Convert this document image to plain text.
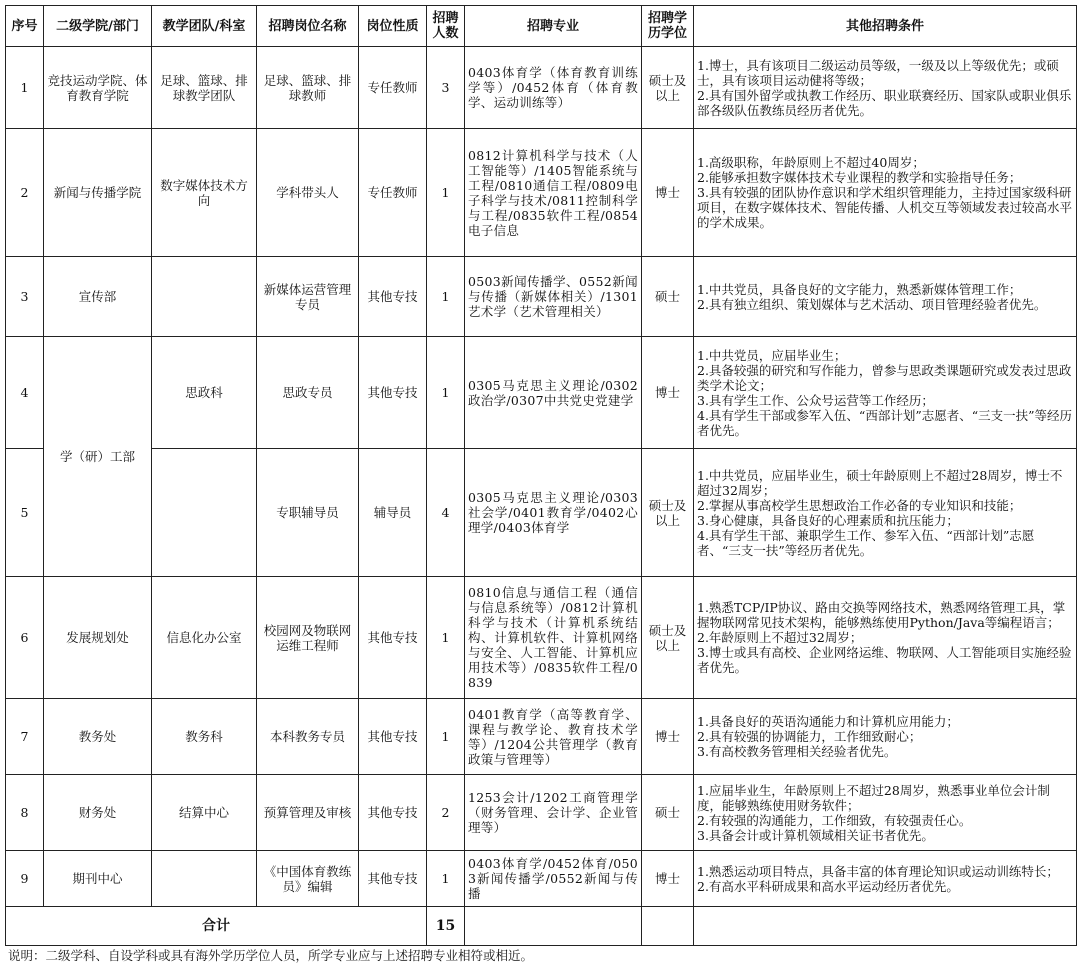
序号	二级学院/部门	教学团队/科室	招聘岗位名称	岗位性质	招聘人数	招聘专业	招聘学历学位	其他招聘条件
1	竞技运动学院、体育教育学院	足球、篮球、排球教学团队	足球、篮球、排球教师	专任教师	3	0403体育学（体育教育训练学等）/0452体育（体育教学、运动训练等）	硕士及以上	1.博士，具有该项目二级运动员等级，一级及以上等级优先；或硕士，具有该项目运动健将等级；
2.具有国外留学或执教工作经历、职业联赛经历、国家队或职业俱乐部各级队伍教练员经历者优先。

2	新闻与传播学院	数字媒体技术方向	学科带头人	专任教师	1	0812计算机科学与技术（人工智能等）/1405智能系统与工程/0810通信工程/0809电子科学与技术/0811控制科学与工程/0835软件工程/0854电子信息	博士	1.高级职称，年龄原则上不超过40周岁；
2.能够承担数字媒体技术专业课程的教学和实验指导任务；
3.具有较强的团队协作意识和学术组织管理能力，主持过国家级科研项目，在数字媒体技术、智能传播、人机交互等领域发表过较高水平的学术成果。

3	宣传部		新媒体运营管理专员	其他专技	1	0503新闻传播学、0552新闻与传播（新媒体相关）/1301艺术学（艺术管理相关）	硕士	1.中共党员，具备良好的文字能力，熟悉新媒体管理工作；
2.具有独立组织、策划媒体与艺术活动、项目管理经验者优先。

4	学（研）工部	思政科	思政专员	其他专技	1	0305马克思主义理论/0302政治学/0307中共党史党建学	博士	1.中共党员，应届毕业生；
2.具备较强的研究和写作能力，曾参与思政类课题研究或发表过思政类学术论文；
3.具有学生工作、公众号运营等工作经历；
4.具有学生干部或参军入伍、“西部计划”志愿者、“三支一扶”等经历者优先。

5			专职辅导员	辅导员	4	0305马克思主义理论/0303社会学/0401教育学/0402心理学/0403体育学	硕士及以上	1.中共党员，应届毕业生，硕士年龄原则上不超过28周岁，博士不超过32周岁；
2.掌握从事高校学生思想政治工作必备的专业知识和技能；
3.身心健康，具备良好的心理素质和抗压能力；
4.具有学生干部、兼职学生工作、参军入伍、“西部计划”志愿者、“三支一扶”等经历者优先。

6	发展规划处	信息化办公室	校园网及物联网运维工程师	其他专技	1	0810信息与通信工程（通信与信息系统等）/0812计算机科学与技术（计算机系统结构、计算机软件、计算机网络与安全、人工智能、计算机应用技术等）/0835软件工程/0839	硕士及以上	1.熟悉TCP/IP协议、路由交换等网络技术，熟悉网络管理工具，掌握物联网常见技术架构，能够熟练使用Python/Java等编程语言；
2.年龄原则上不超过32周岁；
3.博士或具有高校、企业网络运维、物联网、人工智能项目实施经验者优先。

7	教务处	教务科	本科教务专员	其他专技	1	0401教育学（高等教育学、课程与教学论、教育技术学等）/1204公共管理学（教育政策与管理等）	博士	1.具备良好的英语沟通能力和计算机应用能力；
2.具有较强的协调能力，工作细致耐心；
3.有高校教务管理相关经验者优先。

8	财务处	结算中心	预算管理及审核	其他专技	2	1253会计/1202工商管理学（财务管理、会计学、企业管理等）	硕士	1.应届毕业生，年龄原则上不超过28周岁，熟悉事业单位会计制度，能够熟练使用财务软件；
2.有较强的沟通能力，工作细致，有较强责任心。
3.具备会计或计算机领域相关证书者优先。

9	期刊中心		《中国体育教练员》编辑	其他专技	1	0403体育学/0452体育/0503新闻传播学/0552新闻与传播	博士	1.熟悉运动项目特点，具备丰富的体育理论知识或运动训练特长；
2.有高水平科研成果和高水平运动经历者优先。

合计					15			
说明：二级学科、自设学科或具有海外学历学位人员，所学专业应与上述招聘专业相符或相近。
